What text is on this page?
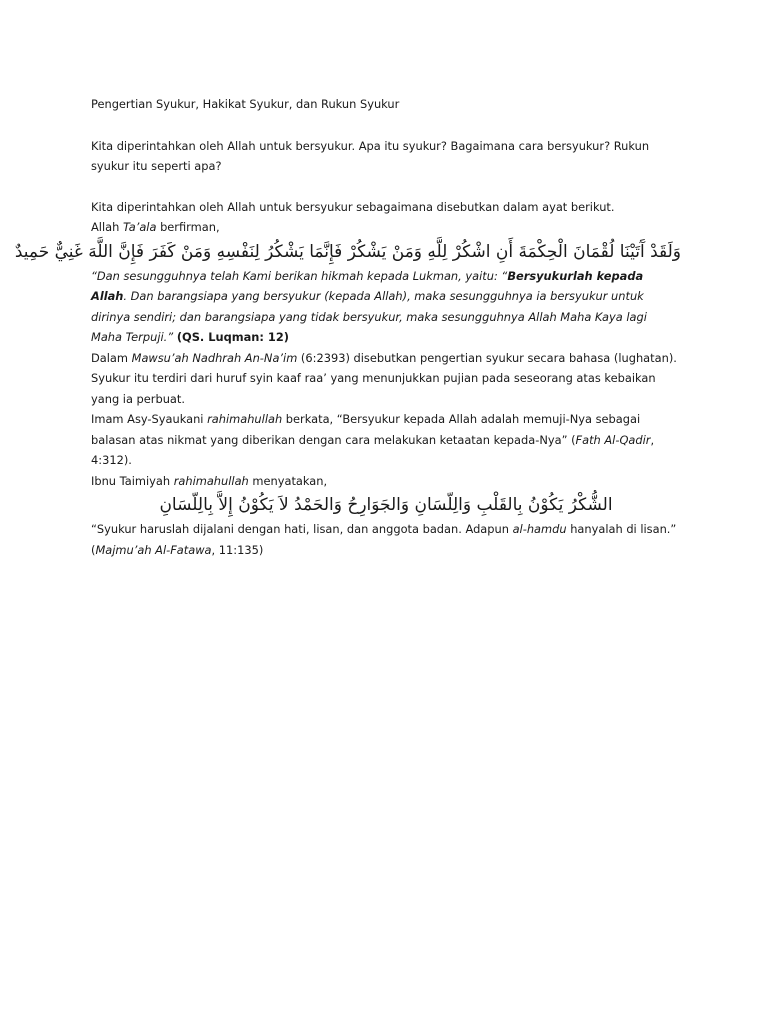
Pengertian Syukur, Hakikat Syukur, dan Rukun Syukur

Kita diperintahkan oleh Allah untuk bersyukur. Apa itu syukur? Bagaimana cara bersyukur? Rukun syukur itu seperti apa?

Kita diperintahkan oleh Allah untuk bersyukur sebagaimana disebutkan dalam ayat berikut.

Allah Ta’ala berfirman,

وَلَقَدْ آَتَيْنَا لُقْمَانَ الْحِكْمَةَ أَنِ اشْكُرْ لِلَّهِ وَمَنْ يَشْكُرْ فَإِنَّمَا يَشْكُرُ لِنَفْسِهِ وَمَنْ كَفَرَ فَإِنَّ اللَّهَ غَنِيٌّ حَمِيدٌ

“Dan sesungguhnya telah Kami berikan hikmah kepada Lukman, yaitu: “Bersyukurlah kepada Allah. Dan barangsiapa yang bersyukur (kepada Allah), maka sesungguhnya ia bersyukur untuk dirinya sendiri; dan barangsiapa yang tidak bersyukur, maka sesungguhnya Allah Maha Kaya lagi Maha Terpuji.” (QS. Luqman: 12)

Dalam Mawsu’ah Nadhrah An-Na’im (6:2393) disebutkan pengertian syukur secara bahasa (lughatan). Syukur itu terdiri dari huruf syin kaaf raa’ yang menunjukkan pujian pada seseorang atas kebaikan yang ia perbuat.

Imam Asy-Syaukani rahimahullah berkata, “Bersyukur kepada Allah adalah memuji-Nya sebagai balasan atas nikmat yang diberikan dengan cara melakukan ketaatan kepada-Nya” (Fath Al-Qadir, 4:312).

Ibnu Taimiyah rahimahullah menyatakan,

الشُّكْرُ يَكُوْنُ بِالقَلْبِ وَالِلّسَانِ وَالجَوَارِحُ وَالحَمْدُ لاَ يَكُوْنُ إِلاَّ بِالِلّسَانِ

“Syukur haruslah dijalani dengan hati, lisan, dan anggota badan. Adapun al-hamdu hanyalah di lisan.” (Majmu’ah Al-Fatawa, 11:135)
